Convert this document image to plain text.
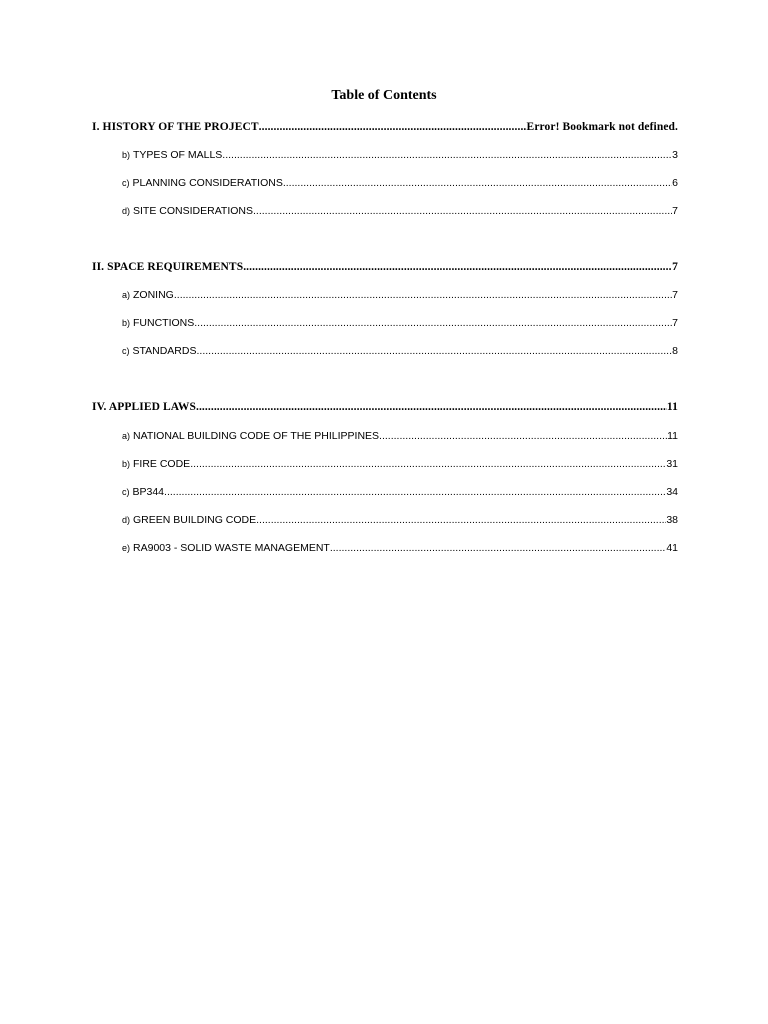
Table of Contents
I. HISTORY OF THE PROJECT .....	Error! Bookmark not defined.
b) TYPES OF MALLS .....	3
c) PLANNING CONSIDERATIONS .....	6
d) SITE CONSIDERATIONS .....	7
II. SPACE REQUIREMENTS .....	7
a) ZONING .....	7
b) FUNCTIONS .....	7
c) STANDARDS .....	8
IV. APPLIED LAWS .....	11
a) NATIONAL BUILDING CODE OF THE PHILIPPINES .....	11
b) FIRE CODE .....	31
c) BP344 .....	34
d) GREEN BUILDING CODE .....	38
e) RA9003 - SOLID WASTE MANAGEMENT .....	41
